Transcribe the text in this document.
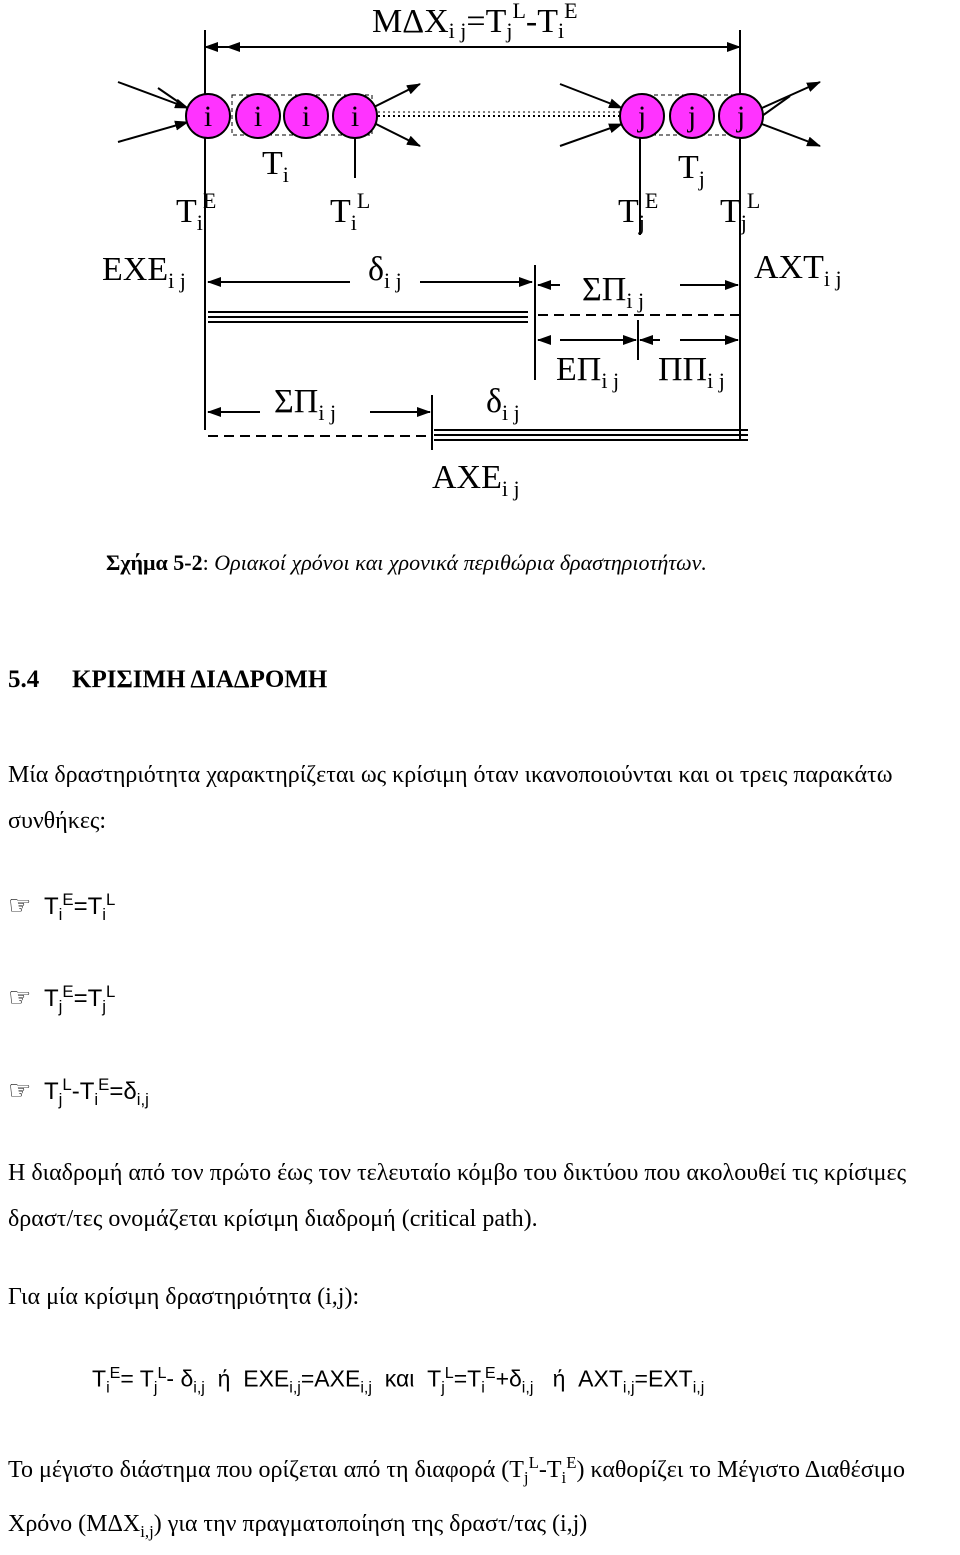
MΔXi $j=Tj^L-Ti^E$
i i i i	j j j
$T_i$	$T_j$
$T_i^E$	$T_i^L$	$T_j^E$ $T_j^L$
$EXE_{i j}$	$\delta_{i j}$	$\Sigma\Pi_{i j}$
$AXT_{i j}$
$E\Pi_{i j}$ $\Pi\Pi_{i j}$
$\Sigma\Pi_{i j}$	$\delta_{i j}$
$AXE_{i j}$
Σχήμα 5-2: Οριακοί χρόνοι και χρονικά περιθώρια δραστηριοτήτων.
5.4 ΚΡΙΣΙΜΗ ΔΙΑΔΡΟΜΗ
Μία δραστηριότητα χαρακτηρίζεται ως κρίσιμη όταν ικανοποιούνται και οι τρεις παρακάτω συνθήκες:
☞ $T_i^E=T_i^L$
☞ $T_j^E=T_j^L$
☞ $T_j^L-T_i^E=\delta_{i,j}$
Η διαδρομή από τον πρώτο έως τον τελευταίο κόμβο του δικτύου που ακολουθεί τις κρίσιμες δραστ/τες ονομάζεται κρίσιμη διαδρομή (critical path).
Για μία κρίσιμη δραστηριότητα (i,j):
$T_i^E= T_j^L-$ $\delta_{i,j}$  ή  $EXE_{i,j}=AXE_{i,j}$  και  $T_j^L=T_i^E+\delta_{i,j}$   ή  $AXT_{i,j}=EXT_{i,j}$
Το μέγιστο διάστημα που ορίζεται από τη διαφορά $(T_j^L-T_i^E)$ καθορίζει το Μέγιστο Διαθέσιμο Χρόνο $(M\Delta X_{i,j})$ για την πραγματοποίηση της δραστ/τας (i,j)
